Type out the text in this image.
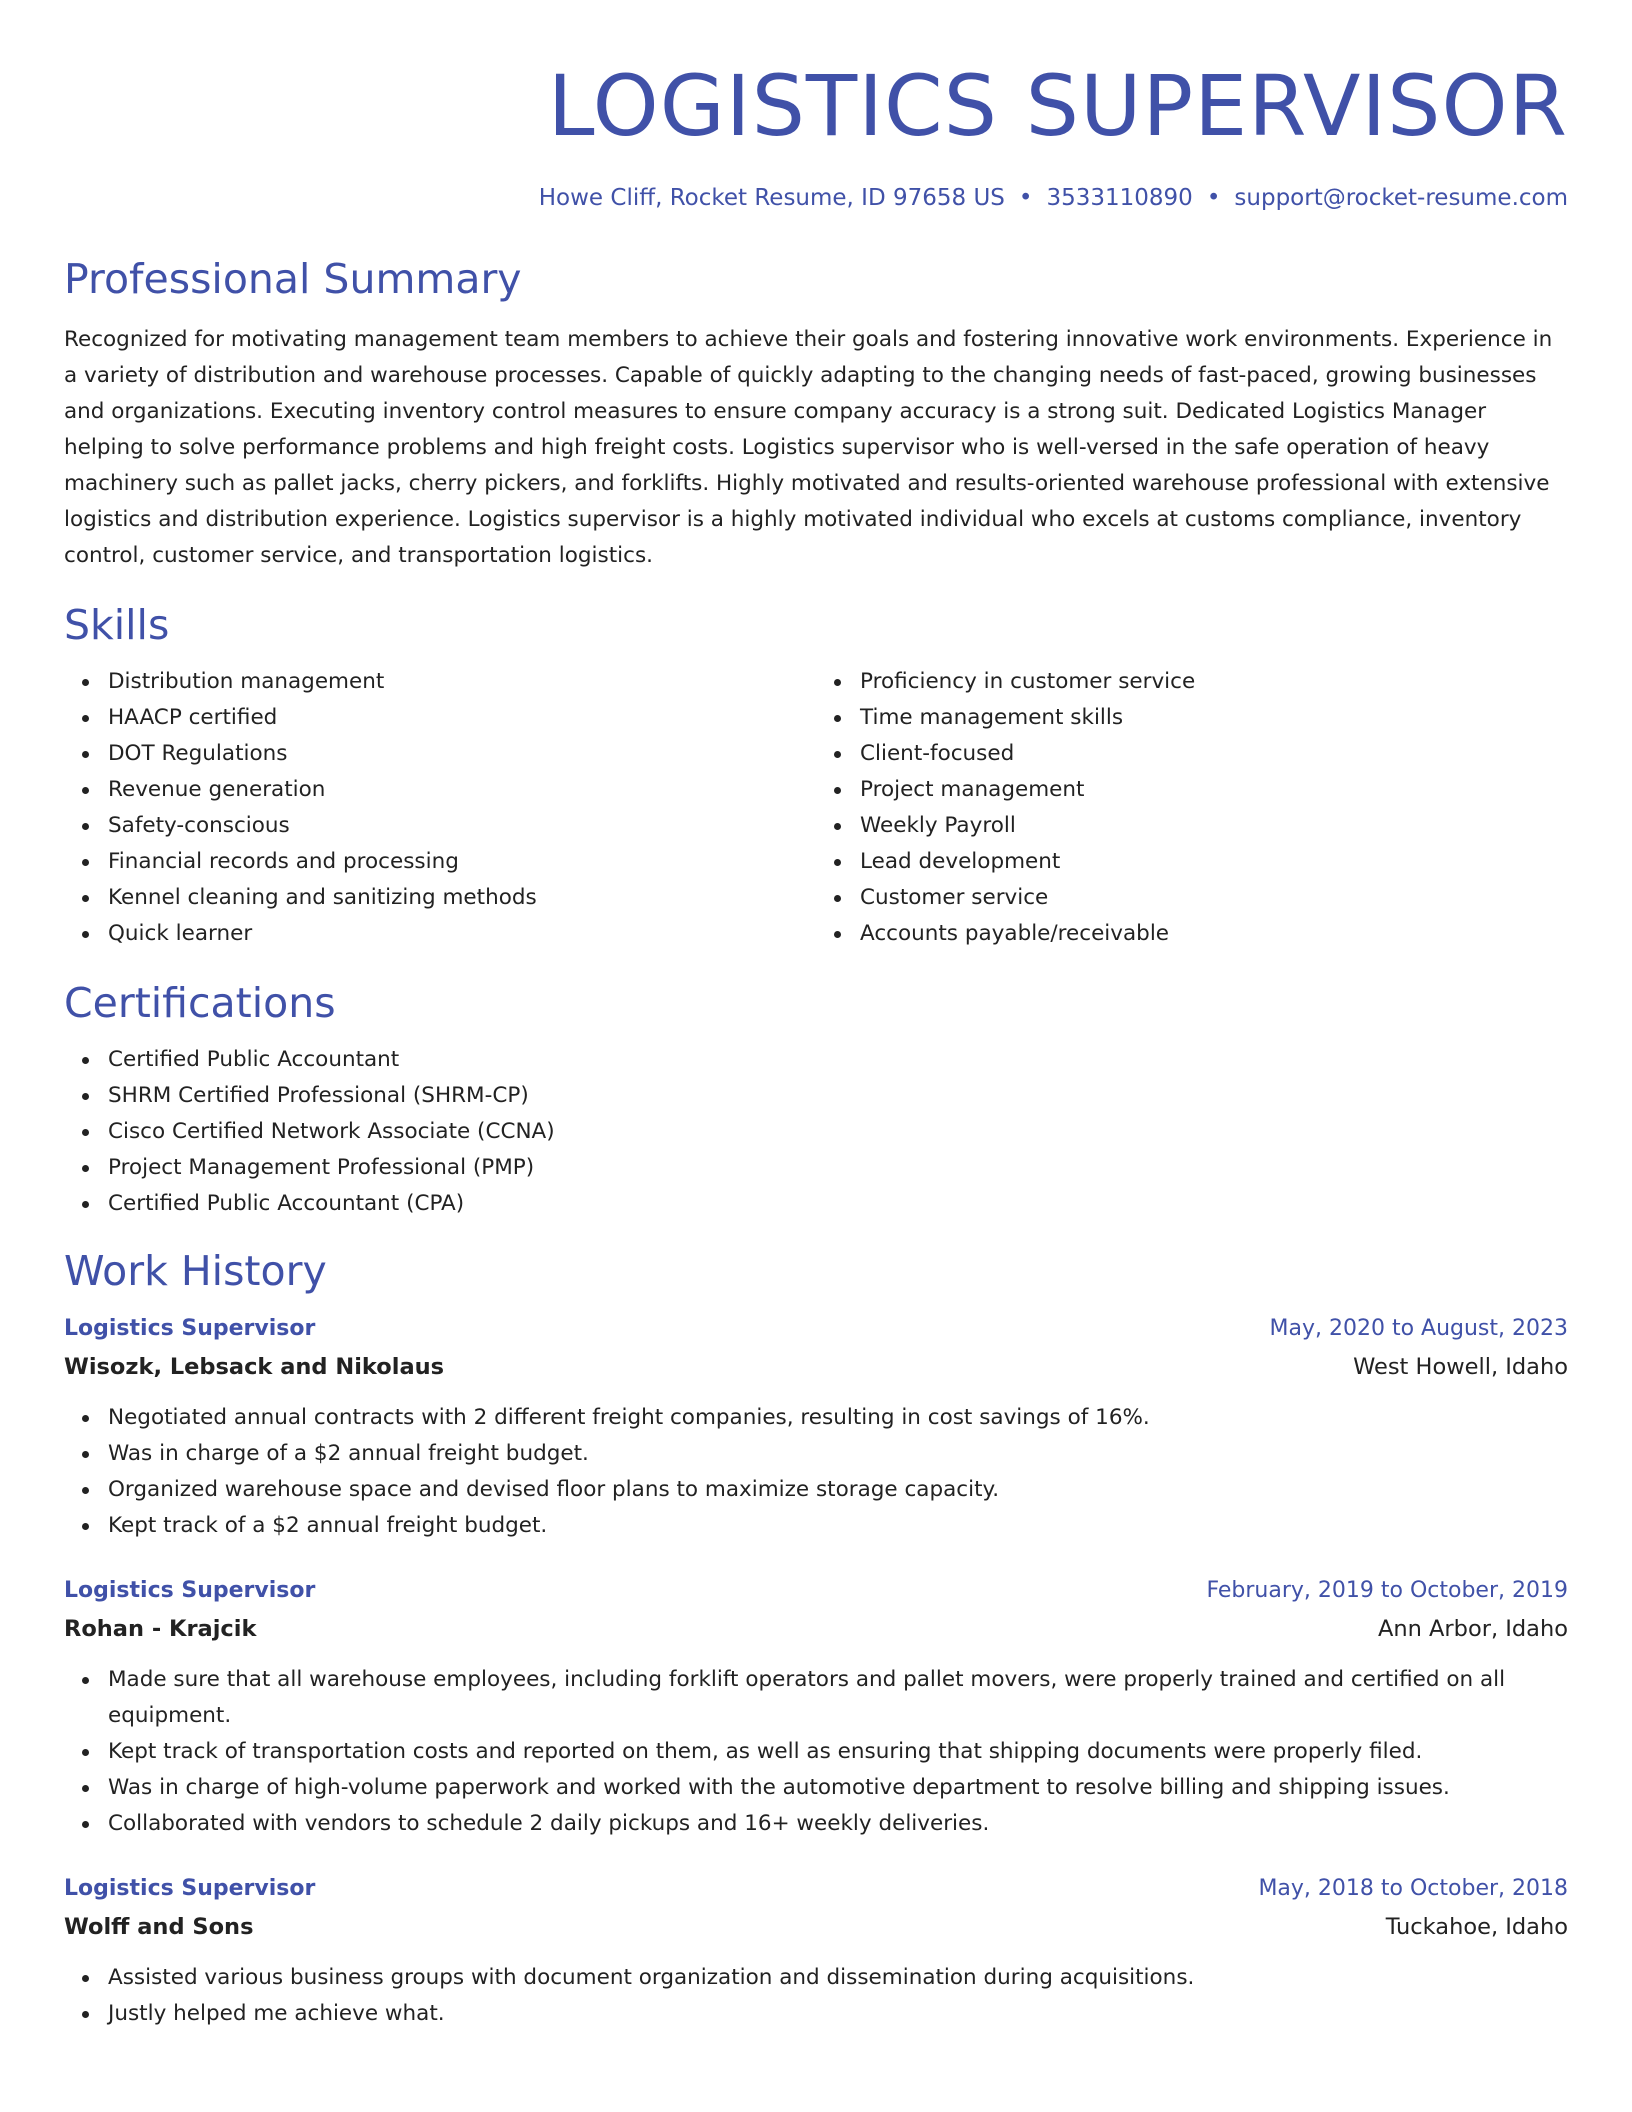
LOGISTICS SUPERVISOR
Howe Cliff, Rocket Resume, ID 97658 US • 3533110890 • support@rocket-resume.com
Professional Summary
Recognized for motivating management team members to achieve their goals and fostering innovative work environments. Experience in a variety of distribution and warehouse processes. Capable of quickly adapting to the changing needs of fast-paced, growing businesses and organizations. Executing inventory control measures to ensure company accuracy is a strong suit. Dedicated Logistics Manager helping to solve performance problems and high freight costs. Logistics supervisor who is well-versed in the safe operation of heavy machinery such as pallet jacks, cherry pickers, and forklifts. Highly motivated and results-oriented warehouse professional with extensive logistics and distribution experience. Logistics supervisor is a highly motivated individual who excels at customs compliance, inventory control, customer service, and transportation logistics.
Skills
Distribution management
HAACP certified
DOT Regulations
Revenue generation
Safety-conscious
Financial records and processing
Kennel cleaning and sanitizing methods
Quick learner
Proficiency in customer service
Time management skills
Client-focused
Project management
Weekly Payroll
Lead development
Customer service
Accounts payable/receivable
Certifications
Certified Public Accountant
SHRM Certified Professional (SHRM-CP)
Cisco Certified Network Associate (CCNA)
Project Management Professional (PMP)
Certified Public Accountant (CPA)
Work History
Logistics Supervisor	May, 2020 to August, 2023
Wisozk, Lebsack and Nikolaus	West Howell, Idaho
Negotiated annual contracts with 2 different freight companies, resulting in cost savings of 16%.
Was in charge of a $2 annual freight budget.
Organized warehouse space and devised floor plans to maximize storage capacity.
Kept track of a $2 annual freight budget.
Logistics Supervisor	February, 2019 to October, 2019
Rohan - Krajcik	Ann Arbor, Idaho
Made sure that all warehouse employees, including forklift operators and pallet movers, were properly trained and certified on all equipment.
Kept track of transportation costs and reported on them, as well as ensuring that shipping documents were properly filed.
Was in charge of high-volume paperwork and worked with the automotive department to resolve billing and shipping issues.
Collaborated with vendors to schedule 2 daily pickups and 16+ weekly deliveries.
Logistics Supervisor	May, 2018 to October, 2018
Wolff and Sons	Tuckahoe, Idaho
Assisted various business groups with document organization and dissemination during acquisitions.
Justly helped me achieve what.
